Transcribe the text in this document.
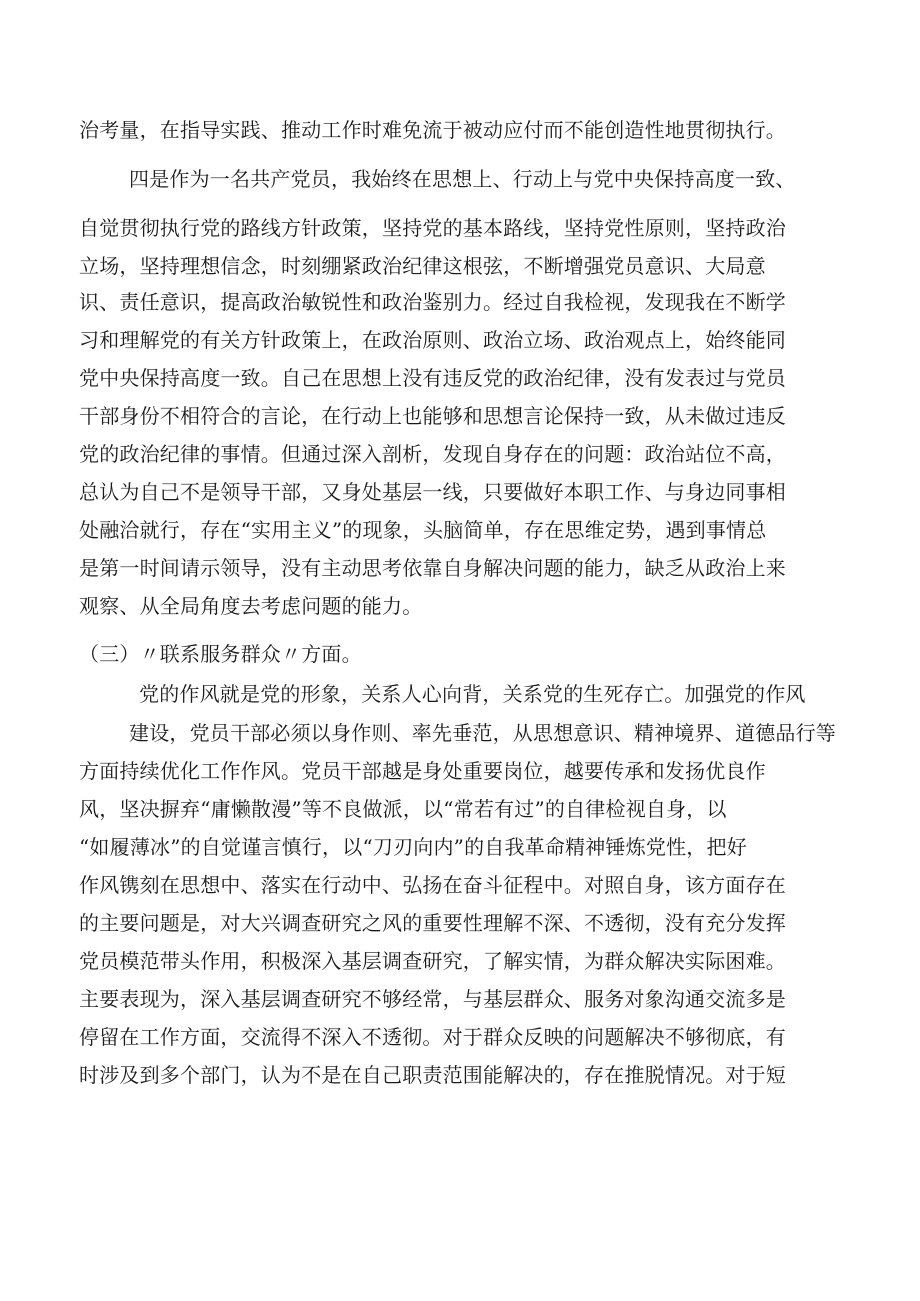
治考量，在指导实践、推动工作时难免流于被动应付而不能创造性地贯彻执行。
四是作为一名共产党员，我始终在思想上、行动上与党中央保持高度一致、
自觉贯彻执行党的路线方针政策，坚持党的基本路线，坚持党性原则，坚持政治
立场，坚持理想信念，时刻绷紧政治纪律这根弦，不断增强党员意识、大局意
识、责任意识，提高政治敏锐性和政治鉴别力。经过自我检视，发现我在不断学
习和理解党的有关方针政策上，在政治原则、政治立场、政治观点上，始终能同
党中央保持高度一致。自己在思想上没有违反党的政治纪律，没有发表过与党员
干部身份不相符合的言论，在行动上也能够和思想言论保持一致，从未做过违反
党的政治纪律的事情。但通过深入剖析，发现自身存在的问题：政治站位不高，
总认为自己不是领导干部，又身处基层一线，只要做好本职工作、与身边同事相
处融洽就行，存在“实用主义”的现象，头脑简单，存在思维定势，遇到事情总
是第一时间请示领导，没有主动思考依靠自身解决问题的能力，缺乏从政治上来
观察、从全局角度去考虑问题的能力。
（三）〃联系服务群众〃方面。
党的作风就是党的形象，关系人心向背，关系党的生死存亡。加强党的作风
建设，党员干部必须以身作则、率先垂范，从思想意识、精神境界、道德品行等
方面持续优化工作作风。党员干部越是身处重要岗位，越要传承和发扬优良作
风，坚决摒弃“庸懒散漫”等不良做派，以“常若有过”的自律检视自身，以
“如履薄冰”的自觉谨言慎行，以“刀刃向内”的自我革命精神锤炼党性，把好
作风镌刻在思想中、落实在行动中、弘扬在奋斗征程中。对照自身，该方面存在
的主要问题是，对大兴调查研究之风的重要性理解不深、不透彻，没有充分发挥
党员模范带头作用，积极深入基层调查研究，了解实情，为群众解决实际困难。
主要表现为，深入基层调查研究不够经常，与基层群众、服务对象沟通交流多是
停留在工作方面，交流得不深入不透彻。对于群众反映的问题解决不够彻底，有
时涉及到多个部门，认为不是在自己职责范围能解决的，存在推脱情况。对于短
